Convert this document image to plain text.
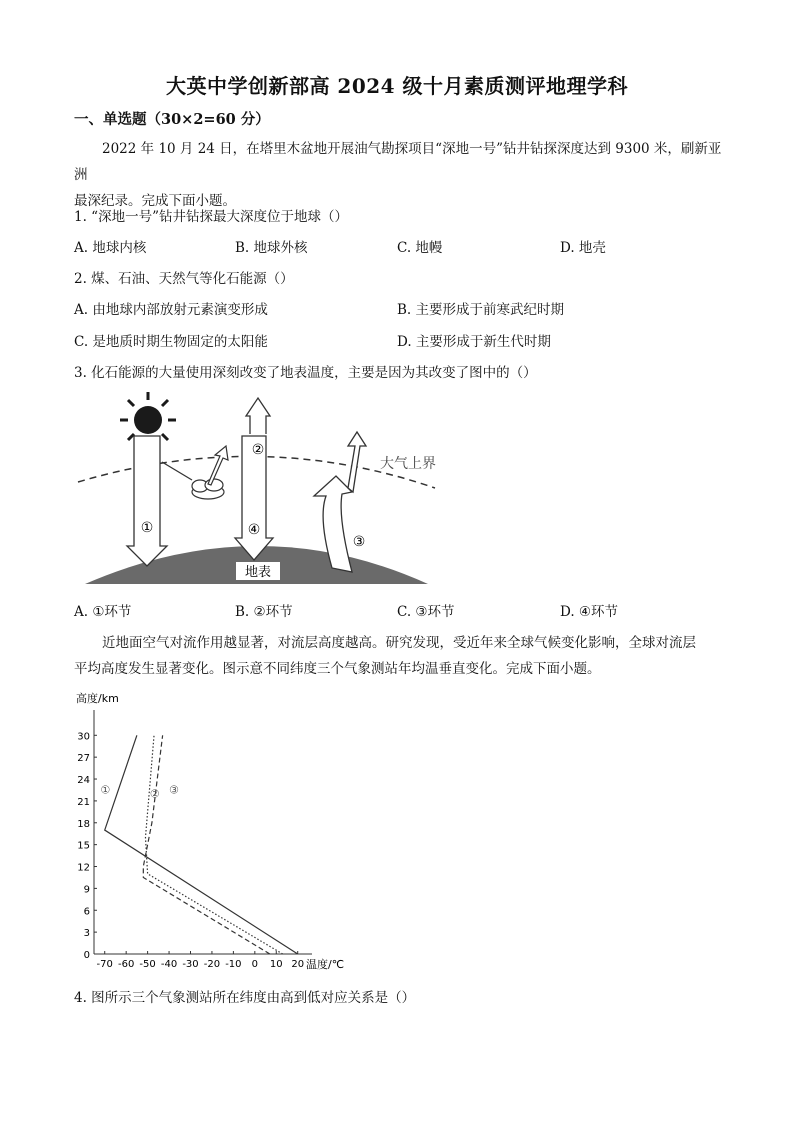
大英中学创新部高 2024 级十月素质测评地理学科
一、单选题（30×2=60 分）
2022 年 10 月 24 日，在塔里木盆地开展油气勘探项目“深地一号”钻井钻探深度达到 9300 米，刷新亚洲
最深纪录。完成下面小题。
1. “深地一号”钻井钻探最大深度位于地球（）
A. 地球内核	B. 地球外核	C. 地幔	D. 地壳
2. 煤、石油、天然气等化石能源（）
A. 由地球内部放射元素演变形成	B. 主要形成于前寒武纪时期
C. 是地质时期生物固定的太阳能	D. 主要形成于新生代时期
3. 化石能源的大量使用深刻改变了地表温度，主要是因为其改变了图中的（）
地表
大气上界
①	④
②
③
A. ①环节	B. ②环节	C. ③环节	D. ④环节
近地面空气对流作用越显著，对流层高度越高。研究发现，受近年来全球气候变化影响，全球对流层
平均高度发生显著变化。图示意不同纬度三个气象测站年均温垂直变化。完成下面小题。
高度/km
温度/℃
0
3
6
9
12
15
18
21
24
27
30
-70 -60 -50 -40 -30 -20 -10 0 10 20
①	② ③
4. 图所示三个气象测站所在纬度由高到低对应关系是（）
